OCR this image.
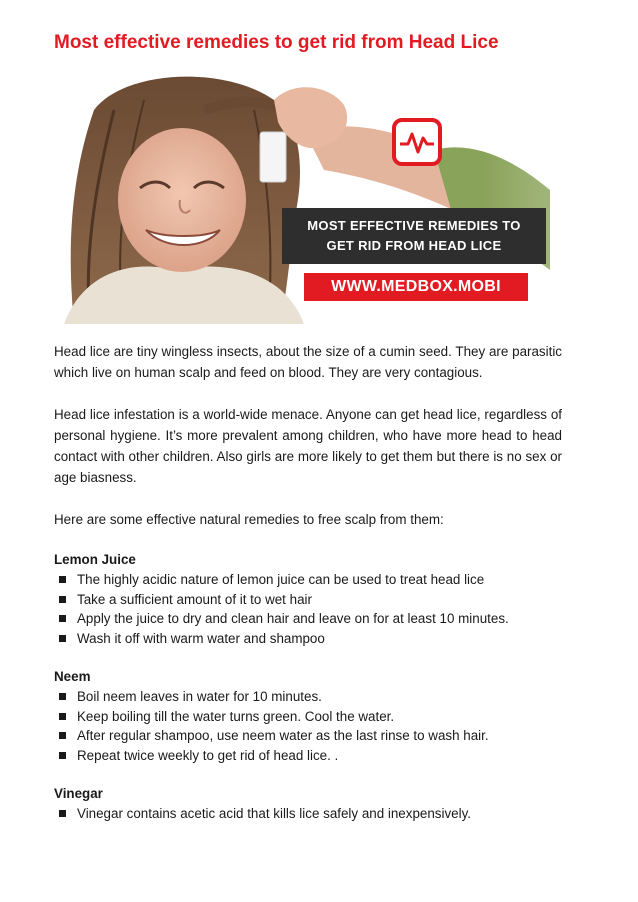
Most effective remedies to get rid from Head Lice
MOST EFFECTIVE REMEDIES TO
GET RID FROM HEAD LICE
WWW.MEDBOX.MOBI

Head lice are tiny wingless insects, about the size of a cumin seed. They are parasitic which live on human scalp and feed on blood. They are very contagious.

Head lice infestation is a world-wide menace. Anyone can get head lice, regardless of personal hygiene. It’s more prevalent among children, who have more head to head contact with other children. Also girls are more likely to get them but there is no sex or age biasness.

Here are some effective natural remedies to free scalp from them:

Lemon Juice
The highly acidic nature of lemon juice can be used to treat head lice
Take a sufficient amount of it to wet hair
Apply the juice to dry and clean hair and leave on for at least 10 minutes.
Wash it off with warm water and shampoo
Neem
Boil neem leaves in water for 10 minutes.
Keep boiling till the water turns green. Cool the water.
After regular shampoo, use neem water as the last rinse to wash hair.
Repeat twice weekly to get rid of head lice. .
Vinegar
Vinegar contains acetic acid that kills lice safely and inexpensively.
